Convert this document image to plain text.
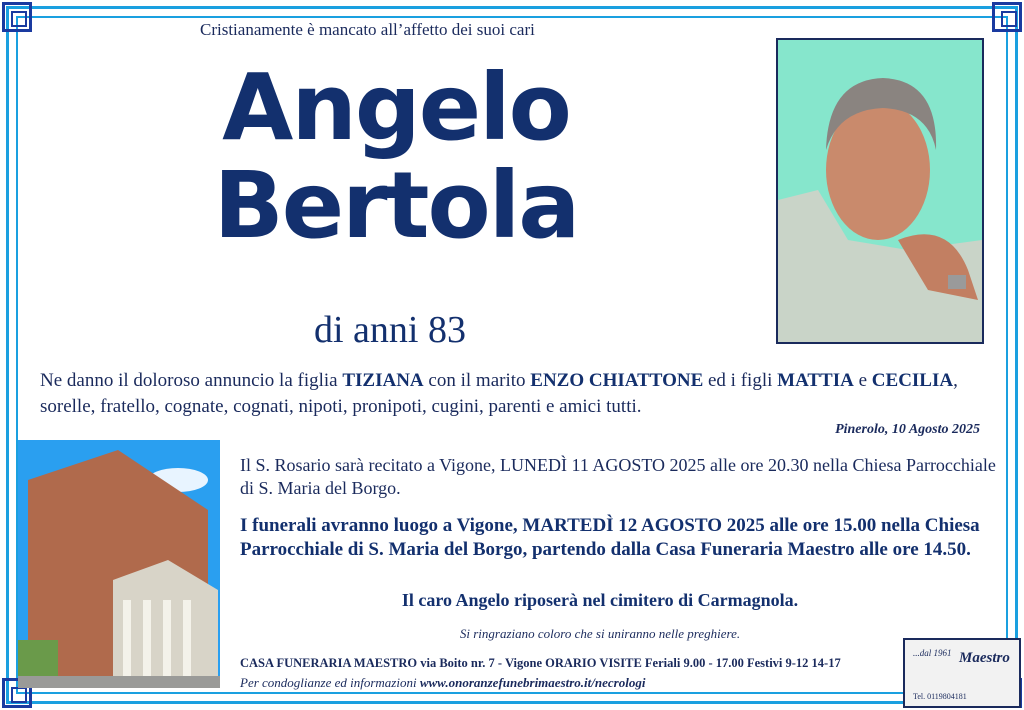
Cristianamente è mancato all’affetto dei suoi cari
Angelo
Bertola
di anni 83
Ne danno il doloroso annuncio la figlia TIZIANA con il marito ENZO CHIATTONE ed i figli MATTIA e CECILIA, sorelle, fratello, cognate, cognati, nipoti, pronipoti, cugini, parenti e amici tutti.
Pinerolo, 10 Agosto 2025
Il S. Rosario sarà recitato a Vigone, LUNEDÌ 11 AGOSTO 2025 alle ore 20.30 nella Chiesa Parrocchiale di S. Maria del Borgo.
I funerali avranno luogo a Vigone, MARTEDÌ 12 AGOSTO 2025 alle ore 15.00 nella Chiesa Parrocchiale di S. Maria del Borgo, partendo dalla Casa Funeraria Maestro alle ore 14.50.
Il caro Angelo riposerà nel cimitero di Carmagnola.
Si ringraziano coloro che si uniranno nelle preghiere.
CASA FUNERARIA MAESTRO via Boito nr. 7 - Vigone ORARIO VISITE Feriali 9.00 - 17.00 Festivi 9-12 14-17
Per condoglianze ed informazioni www.onoranzefunebrimaestro.it/necrologi
...dal 1961 Maestro
Tel. 0119804181
